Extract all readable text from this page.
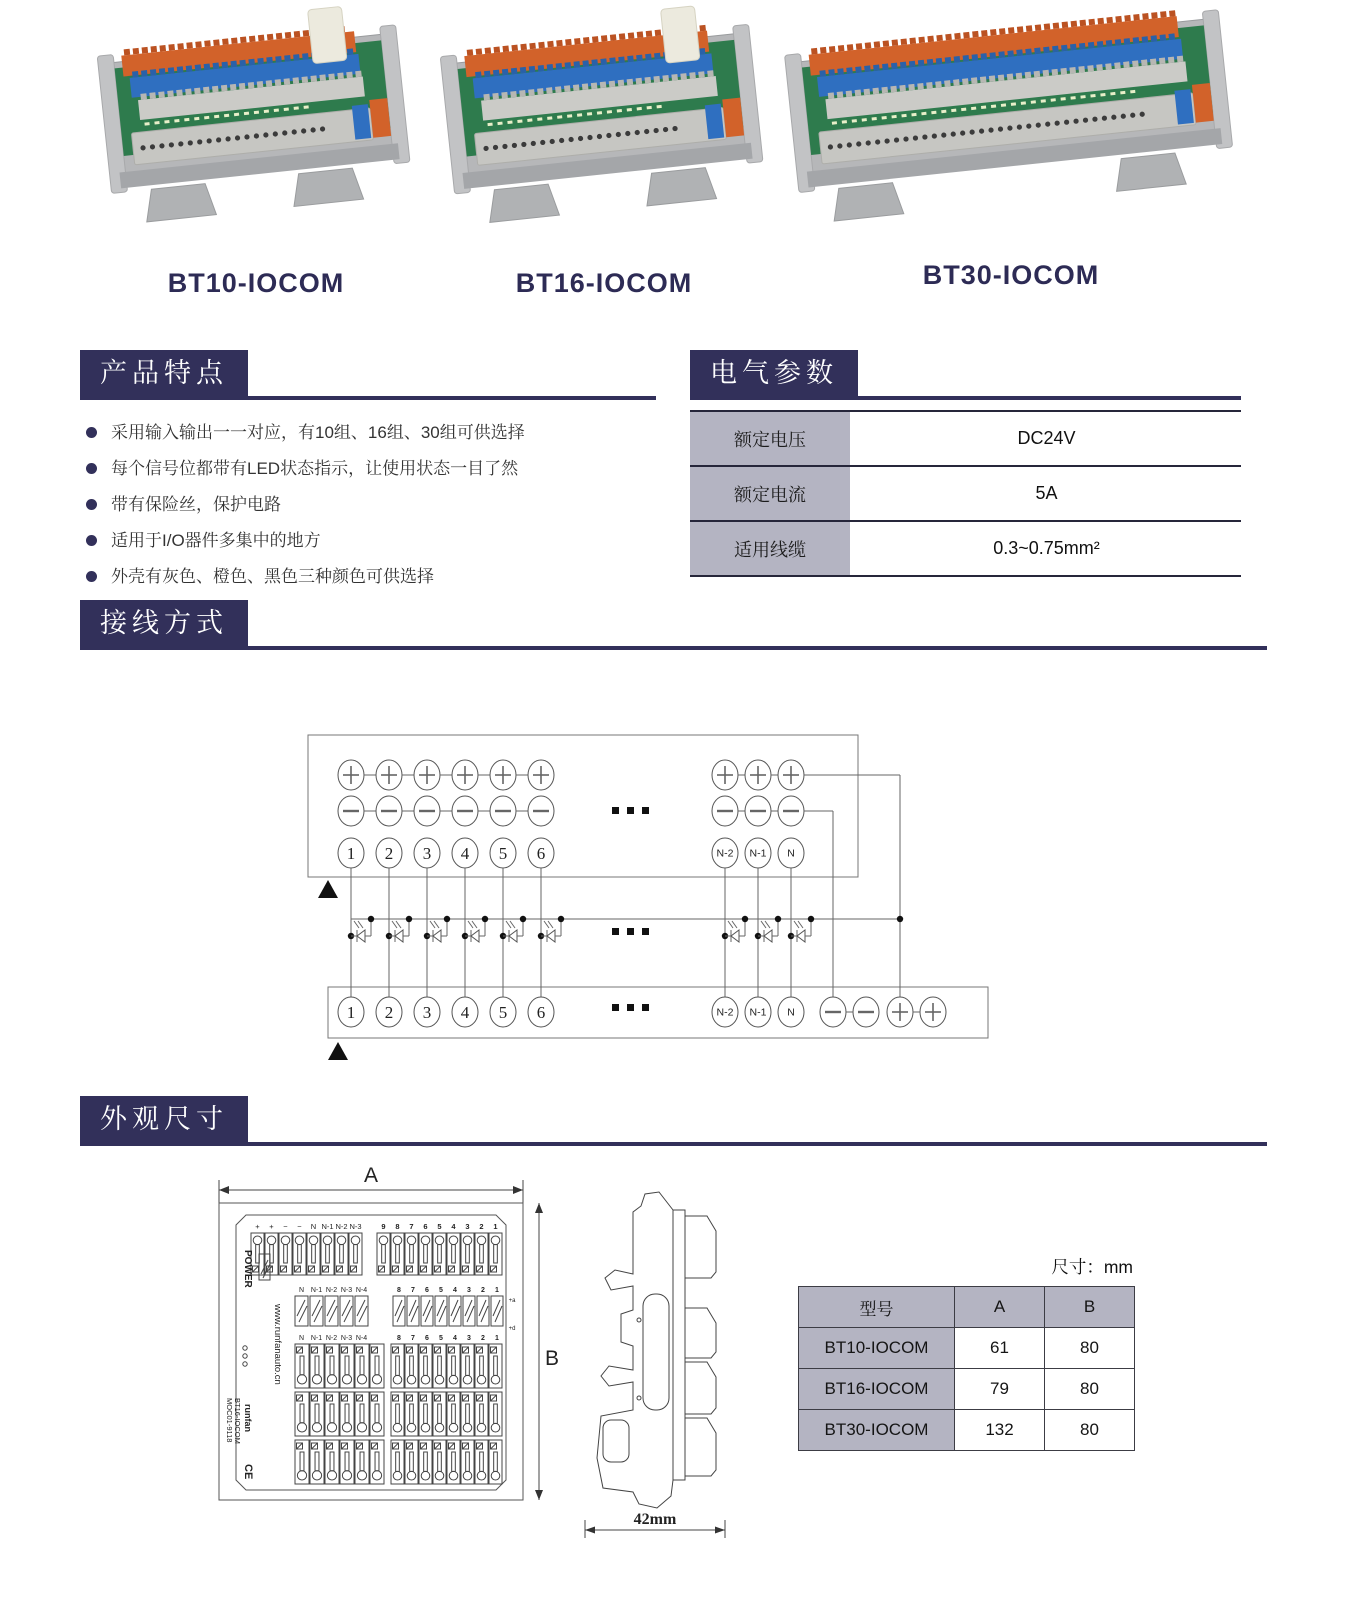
BT10-IOCOM	BT16-IOCOM	BT30-IOCOM
产品特点
采用输入输出一一对应，有10组、16组、30组可供选择
每个信号位都带有LED状态指示，让使用状态一目了然
带有保险丝，保护电路
适用于I/O器件多集中的地方
外壳有灰色、橙色、黑色三种颜色可供选择
电气参数
额定电压	DC24V
额定电流	5A
适用线缆	0.3~0.75mm²
接线方式
1 2 3 4 5 6	N-2 N-1 N
1 2 3 4 5 6	N-2 N-1 N
外观尺寸
A
B
+ + − − N N-1 N-2 N-3	9 8 7 6 5 4 3 2 1
N N-1 N-2 N-3 N-4	8 7 6 5 4 3 2 1
+a
+d
N N-1 N-2 N-3 N-4	8 7 6 5 4 3 2 1
POWER
www.runfanauto.cn
runfan
CE
MOC01-9118 BT16-IOCOM
42mm
尺寸：mm
型号	A	B
BT10-IOCOM	61	80
BT16-IOCOM	79	80
BT30-IOCOM	132	80
